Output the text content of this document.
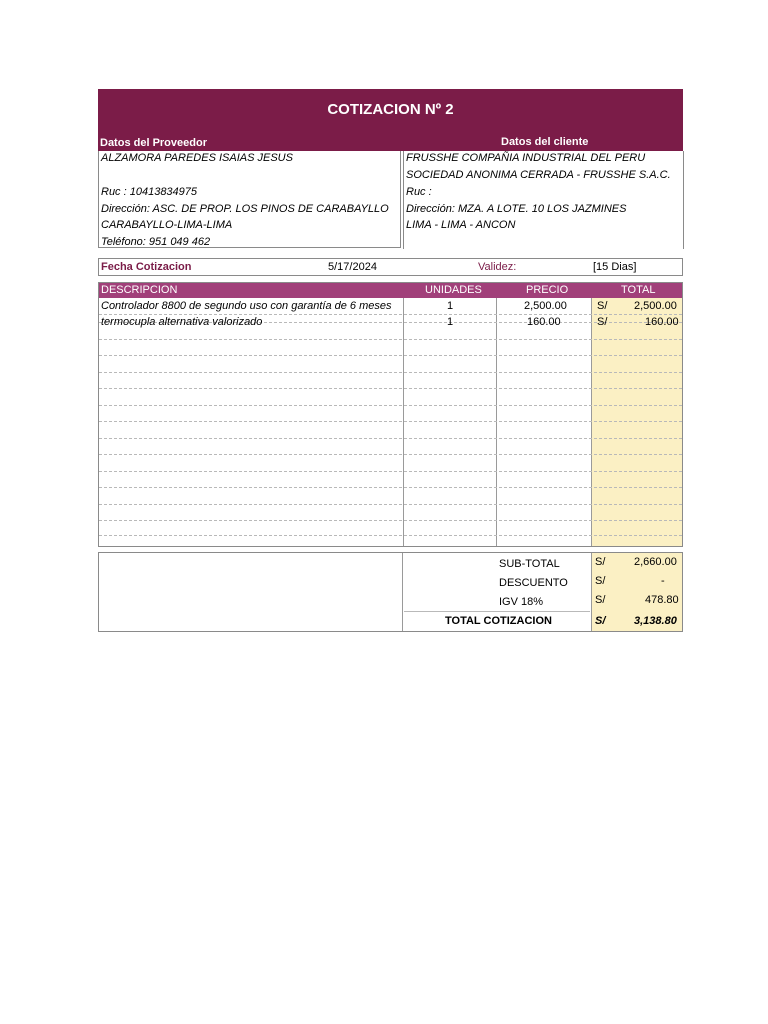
COTIZACION Nº 2
Datos del Proveedor	Datos del cliente
ALZAMORA PAREDES ISAIAS JESUS
Ruc : 10413834975
Dirección: ASC. DE PROP. LOS PINOS DE CARABAYLLO
CARABAYLLO-LIMA-LIMA
Teléfono: 951 049 462
FRUSSHE COMPAÑIA INDUSTRIAL DEL PERU
SOCIEDAD ANONIMA CERRADA - FRUSSHE S.A.C.
Ruc :
Dirección: MZA. A LOTE. 10 LOS JAZMINES
LIMA - LIMA - ANCON
Fecha Cotizacion	5/17/2024	Validez:	[15 Dias]
DESCRIPCION	UNIDADES	PRECIO	TOTAL
Controlador 8800 de segundo uso con garantía de 6 meses	1	2,500.00	S/ 2,500.00
termocupla alternativa valorizado	1	160.00	S/	160.00
SUB-TOTAL	S/	2,660.00
DESCUENTO S/	-
IGV 18%	S/	478.80
TOTAL COTIZACION	S/	3,138.80
